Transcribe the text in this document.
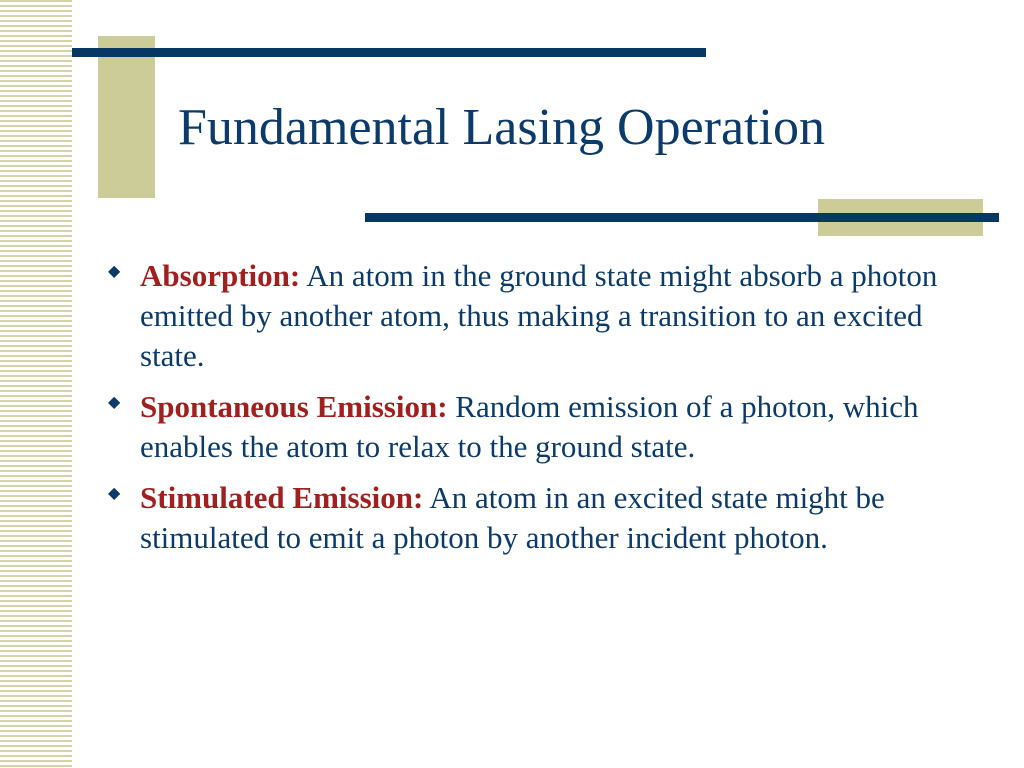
Fundamental Lasing Operation
◆ Absorption: An atom in the ground state might absorb a photon emitted by another atom, thus making a transition to an excited state.
◆ Spontaneous Emission: Random emission of a photon, which enables the atom to relax to the ground state.
◆ Stimulated Emission: An atom in an excited state might be stimulated to emit a photon by another incident photon.
